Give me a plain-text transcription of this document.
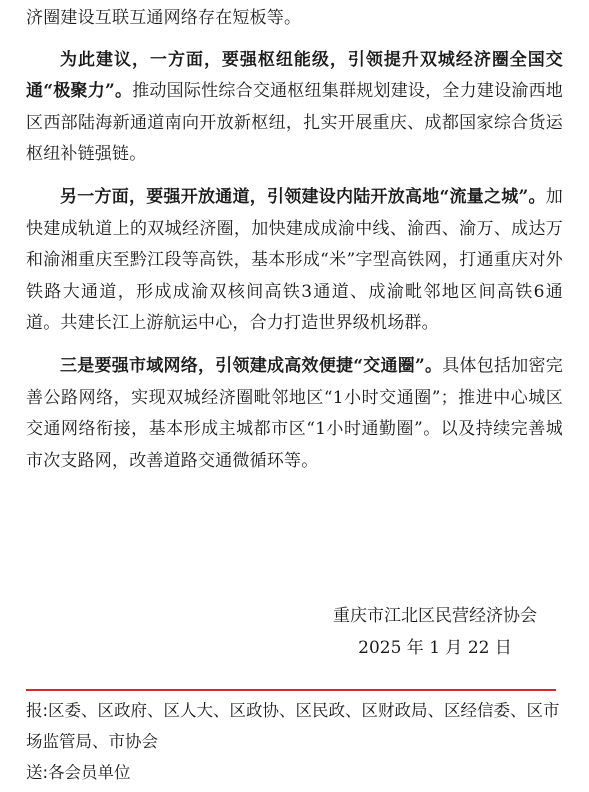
济圈建设互联互通网络存在短板等。

为此建议，一方面，要强枢纽能级，引领提升双城经济圈全国交通“极聚力”。推动国际性综合交通枢纽集群规划建设，全力建设渝西地区西部陆海新通道南向开放新枢纽，扎实开展重庆、成都国家综合货运枢纽补链强链。

另一方面，要强开放通道，引领建设内陆开放高地“流量之城”。加快建成轨道上的双城经济圈，加快建成成渝中线、渝西、渝万、成达万和渝湘重庆至黔江段等高铁，基本形成“米”字型高铁网，打通重庆对外铁路大通道，形成成渝双核间高铁3通道、成渝毗邻地区间高铁6通道。共建长江上游航运中心，合力打造世界级机场群。

三是要强市域网络，引领建成高效便捷“交通圈”。具体包括加密完善公路网络，实现双城经济圈毗邻地区“1小时交通圈”；推进中心城区交通网络衔接，基本形成主城都市区“1小时通勤圈”。以及持续完善城市次支路网，改善道路交通微循环等。

重庆市江北区民营经济协会
2025 年 1 月 22 日

报:区委、区政府、区人大、区政协、区民政、区财政局、区经信委、区市场监管局、市协会

送:各会员单位
